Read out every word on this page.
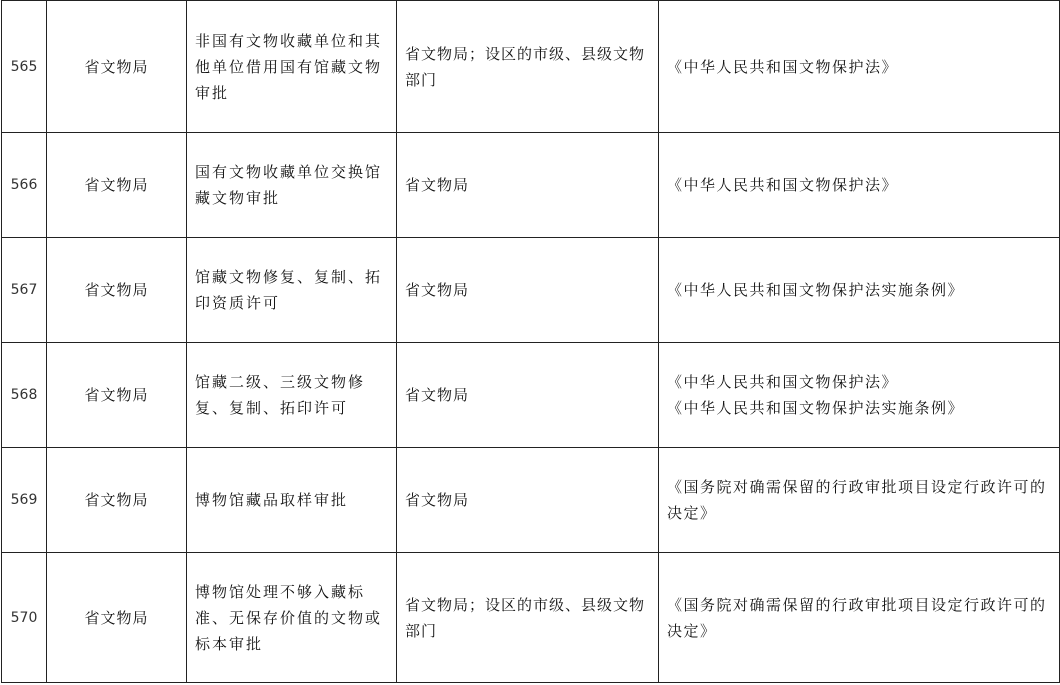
565	省文物局	非国有文物收藏单位和其他单位借用国有馆藏文物审批	省文物局；设区的市级、县级文物部门	《中华人民共和国文物保护法》

566	省文物局	国有文物收藏单位交换馆藏文物审批	省文物局	《中华人民共和国文物保护法》

567	省文物局	馆藏文物修复、复制、拓印资质许可	省文物局	《中华人民共和国文物保护法实施条例》

568	省文物局	馆藏二级、三级文物修复、复制、拓印许可	省文物局	《中华人民共和国文物保护法》
《中华人民共和国文物保护法实施条例》

569	省文物局	博物馆藏品取样审批	省文物局	《国务院对确需保留的行政审批项目设定行政许可的决定》

570	省文物局	博物馆处理不够入藏标准、无保存价值的文物或标本审批	省文物局；设区的市级、县级文物部门	《国务院对确需保留的行政审批项目设定行政许可的决定》
